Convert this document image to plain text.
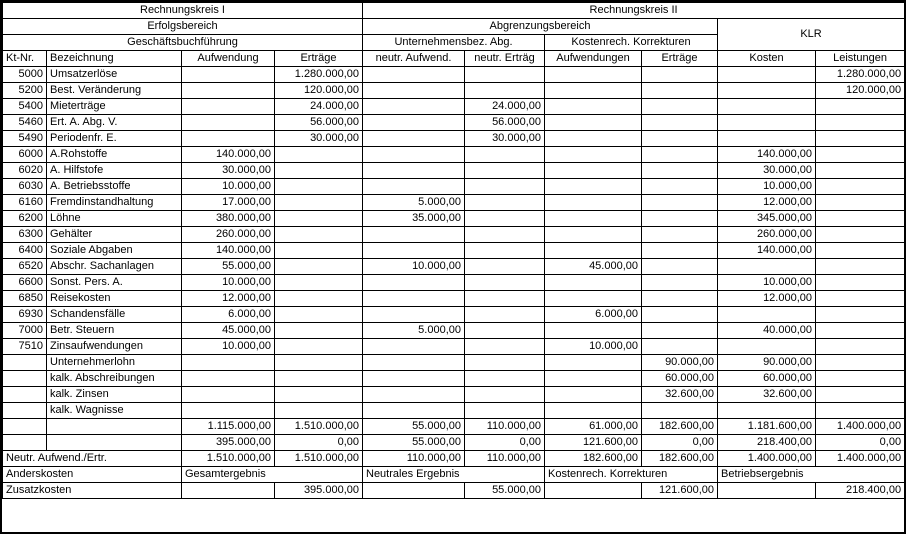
Rechnungskreis I				Rechnungskreis II					
Erfolgsbereich				Abgrenzungsbereich				KLR	
Geschäftsbuchführung				Unternehmensbez. Abg.		Kostenrech. Korrekturen			
Kt-Nr.	Bezeichnung	Aufwendung	Erträge	neutr. Aufwend.	neutr. Erträg	Aufwendungen	Erträge	Kosten	Leistungen
5000	Umsatzerlöse		1.280.000,00						1.280.000,00
5200	Best. Veränderung		120.000,00						120.000,00
5400	Mieterträge		24.000,00		24.000,00				
5460	Ert. A. Abg. V.		56.000,00		56.000,00				
5490	Periodenfr. E.		30.000,00		30.000,00				
6000	A.Rohstoffe	140.000,00						140.000,00	
6020	A. Hilfstofe	30.000,00						30.000,00	
6030	A. Betriebsstoffe	10.000,00						10.000,00	
6160	Fremdinstandhaltung	17.000,00		5.000,00				12.000,00	
6200	Löhne	380.000,00		35.000,00				345.000,00	
6300	Gehälter	260.000,00						260.000,00	
6400	Soziale Abgaben	140.000,00						140.000,00	
6520	Abschr. Sachanlagen	55.000,00		10.000,00		45.000,00			
6600	Sonst. Pers. A.	10.000,00						10.000,00	
6850	Reisekosten	12.000,00						12.000,00	
6930	Schandensfälle	6.000,00				6.000,00			
7000	Betr. Steuern	45.000,00		5.000,00				40.000,00	
7510	Zinsaufwendungen	10.000,00				10.000,00			
	Unternehmerlohn						90.000,00	90.000,00	
	kalk. Abschreibungen						60.000,00	60.000,00	
	kalk. Zinsen						32.600,00	32.600,00	
	kalk. Wagnisse								
		1.115.000,00	1.510.000,00	55.000,00	110.000,00	61.000,00	182.600,00	1.181.600,00	1.400.000,00
		395.000,00	0,00	55.000,00	0,00	121.600,00	0,00	218.400,00	0,00
Neutr. Aufwend./Ertr.		1.510.000,00	1.510.000,00	110.000,00	110.000,00	182.600,00	182.600,00	1.400.000,00	1.400.000,00
Anderskosten		Gesamtergebnis		Neutrales Ergebnis		Kostenrech. Korrekturen		Betriebsergebnis	
Zusatzkosten			395.000,00		55.000,00		121.600,00		218.400,00
